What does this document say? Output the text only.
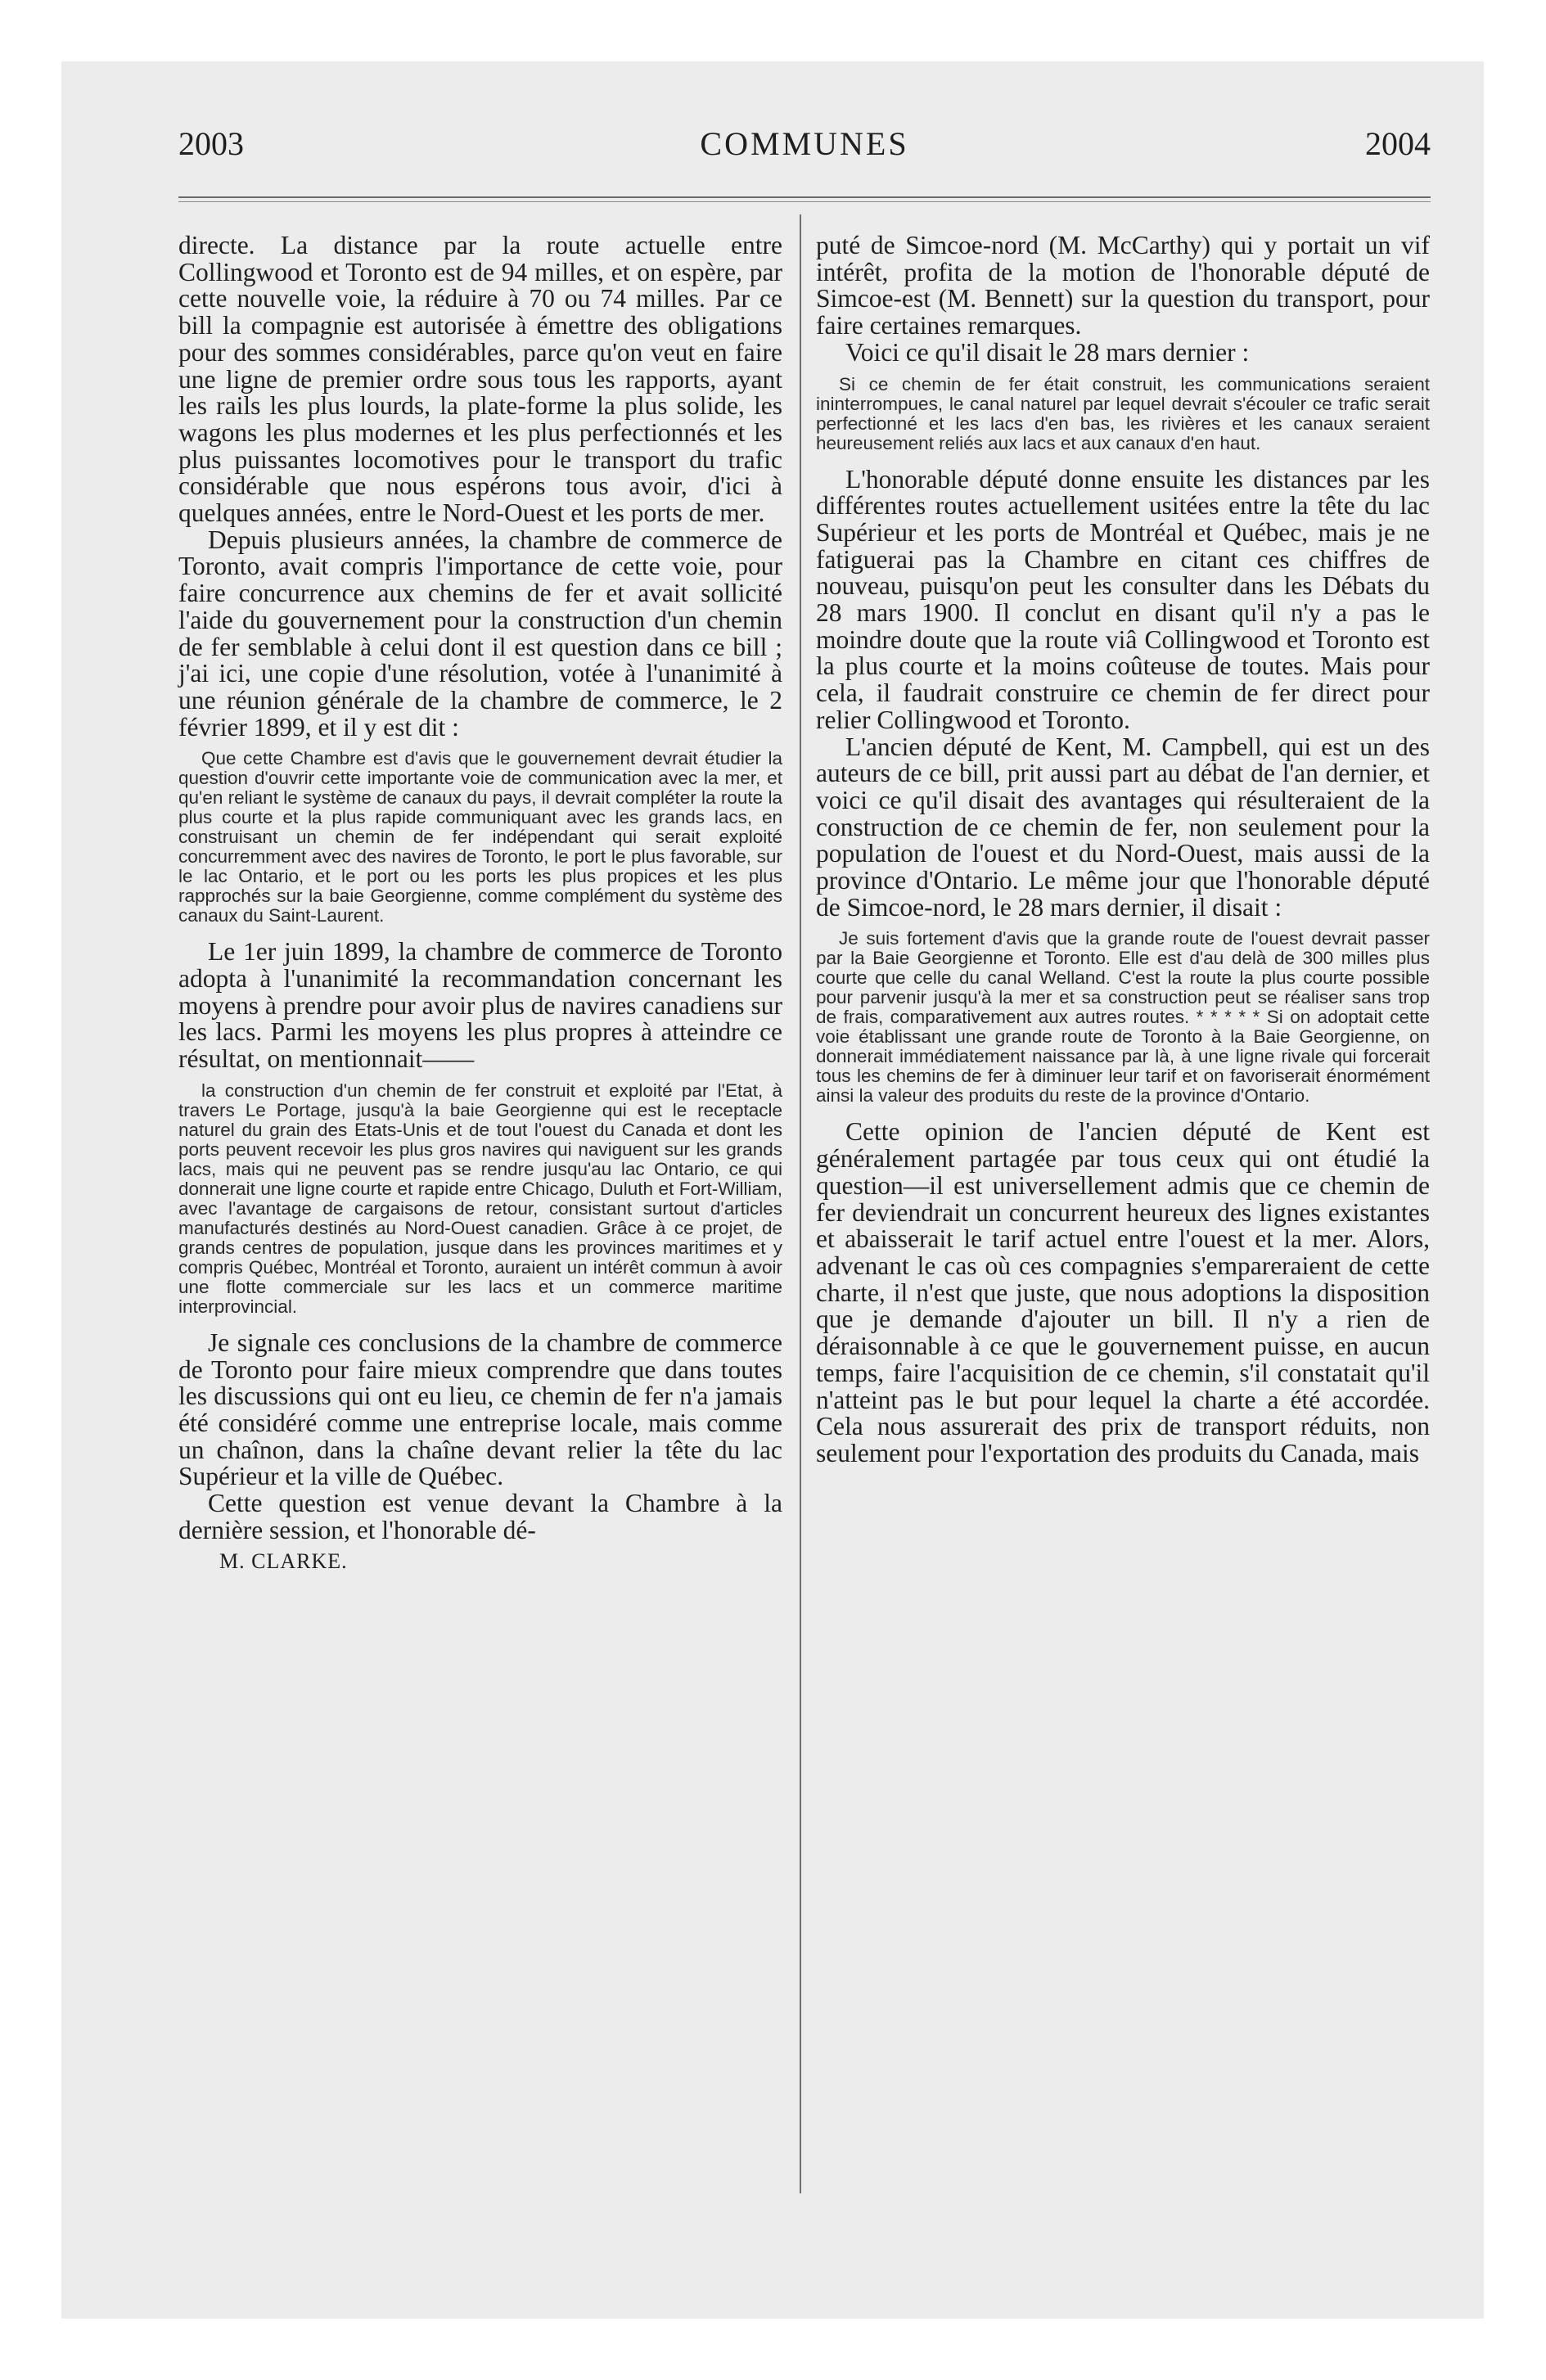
2003	COMMUNES	2004

directe. La distance par la route actuelle entre Collingwood et Toronto est de 94 milles, et on espère, par cette nouvelle voie, la réduire à 70 ou 74 milles. Par ce bill la compagnie est autorisée à émettre des obligations pour des sommes considérables, parce qu'on veut en faire une ligne de premier ordre sous tous les rapports, ayant les rails les plus lourds, la plate-forme la plus solide, les wagons les plus modernes et les plus perfectionnés et les plus puissantes locomotives pour le transport du trafic considérable que nous espérons tous avoir, d'ici à quelques années, entre le Nord-Ouest et les ports de mer.

Depuis plusieurs années, la chambre de commerce de Toronto, avait compris l'importance de cette voie, pour faire concurrence aux chemins de fer et avait sollicité l'aide du gouvernement pour la construction d'un chemin de fer semblable à celui dont il est question dans ce bill ; j'ai ici, une copie d'une résolution, votée à l'unanimité à une réunion générale de la chambre de commerce, le 2 février 1899, et il y est dit :

Que cette Chambre est d'avis que le gouvernement devrait étudier la question d'ouvrir cette importante voie de communication avec la mer, et qu'en reliant le système de canaux du pays, il devrait compléter la route la plus courte et la plus rapide communiquant avec les grands lacs, en construisant un chemin de fer indépendant qui serait exploité concurremment avec des navires de Toronto, le port le plus favorable, sur le lac Ontario, et le port ou les ports les plus propices et les plus rapprochés sur la baie Georgienne, comme complément du système des canaux du Saint-Laurent.

Le 1er juin 1899, la chambre de commerce de Toronto adopta à l'unanimité la recommandation concernant les moyens à prendre pour avoir plus de navires canadiens sur les lacs. Parmi les moyens les plus propres à atteindre ce résultat, on mentionnait——

la construction d'un chemin de fer construit et exploité par l'Etat, à travers Le Portage, jusqu'à la baie Georgienne qui est le receptacle naturel du grain des Etats-Unis et de tout l'ouest du Canada et dont les ports peuvent recevoir les plus gros navires qui naviguent sur les grands lacs, mais qui ne peuvent pas se rendre jusqu'au lac Ontario, ce qui donnerait une ligne courte et rapide entre Chicago, Duluth et Fort-William, avec l'avantage de cargaisons de retour, consistant surtout d'articles manufacturés destinés au Nord-Ouest canadien. Grâce à ce projet, de grands centres de population, jusque dans les provinces maritimes et y compris Québec, Montréal et Toronto, auraient un intérêt commun à avoir une flotte commerciale sur les lacs et un commerce maritime interprovincial.

Je signale ces conclusions de la chambre de commerce de Toronto pour faire mieux comprendre que dans toutes les discussions qui ont eu lieu, ce chemin de fer n'a jamais été considéré comme une entreprise locale, mais comme un chaînon, dans la chaîne devant relier la tête du lac Supérieur et la ville de Québec.

Cette question est venue devant la Chambre à la dernière session, et l'honorable dé-

M. CLARKE.

puté de Simcoe-nord (M. McCarthy) qui y portait un vif intérêt, profita de la motion de l'honorable député de Simcoe-est (M. Bennett) sur la question du transport, pour faire certaines remarques.

Voici ce qu'il disait le 28 mars dernier :

Si ce chemin de fer était construit, les communications seraient ininterrompues, le canal naturel par lequel devrait s'écouler ce trafic serait perfectionné et les lacs d'en bas, les rivières et les canaux seraient heureusement reliés aux lacs et aux canaux d'en haut.

L'honorable député donne ensuite les distances par les différentes routes actuellement usitées entre la tête du lac Supérieur et les ports de Montréal et Québec, mais je ne fatiguerai pas la Chambre en citant ces chiffres de nouveau, puisqu'on peut les consulter dans les Débats du 28 mars 1900. Il conclut en disant qu'il n'y a pas le moindre doute que la route viâ Collingwood et Toronto est la plus courte et la moins coûteuse de toutes. Mais pour cela, il faudrait construire ce chemin de fer direct pour relier Collingwood et Toronto.

L'ancien député de Kent, M. Campbell, qui est un des auteurs de ce bill, prit aussi part au débat de l'an dernier, et voici ce qu'il disait des avantages qui résulteraient de la construction de ce chemin de fer, non seulement pour la population de l'ouest et du Nord-Ouest, mais aussi de la province d'Ontario. Le même jour que l'honorable député de Simcoe-nord, le 28 mars dernier, il disait :

Je suis fortement d'avis que la grande route de l'ouest devrait passer par la Baie Georgienne et Toronto. Elle est d'au delà de 300 milles plus courte que celle du canal Welland. C'est la route la plus courte possible pour parvenir jusqu'à la mer et sa construction peut se réaliser sans trop de frais, comparativement aux autres routes. * * * * * Si on adoptait cette voie établissant une grande route de Toronto à la Baie Georgienne, on donnerait immédiatement naissance par là, à une ligne rivale qui forcerait tous les chemins de fer à diminuer leur tarif et on favoriserait énormément ainsi la valeur des produits du reste de la province d'Ontario.

Cette opinion de l'ancien député de Kent est généralement partagée par tous ceux qui ont étudié la question—il est universellement admis que ce chemin de fer deviendrait un concurrent heureux des lignes existantes et abaisserait le tarif actuel entre l'ouest et la mer. Alors, advenant le cas où ces compagnies s'empareraient de cette charte, il n'est que juste, que nous adoptions la disposition que je demande d'ajouter un bill. Il n'y a rien de déraisonnable à ce que le gouvernement puisse, en aucun temps, faire l'acquisition de ce chemin, s'il constatait qu'il n'atteint pas le but pour lequel la charte a été accordée. Cela nous assurerait des prix de transport réduits, non seulement pour l'exportation des produits du Canada, mais
